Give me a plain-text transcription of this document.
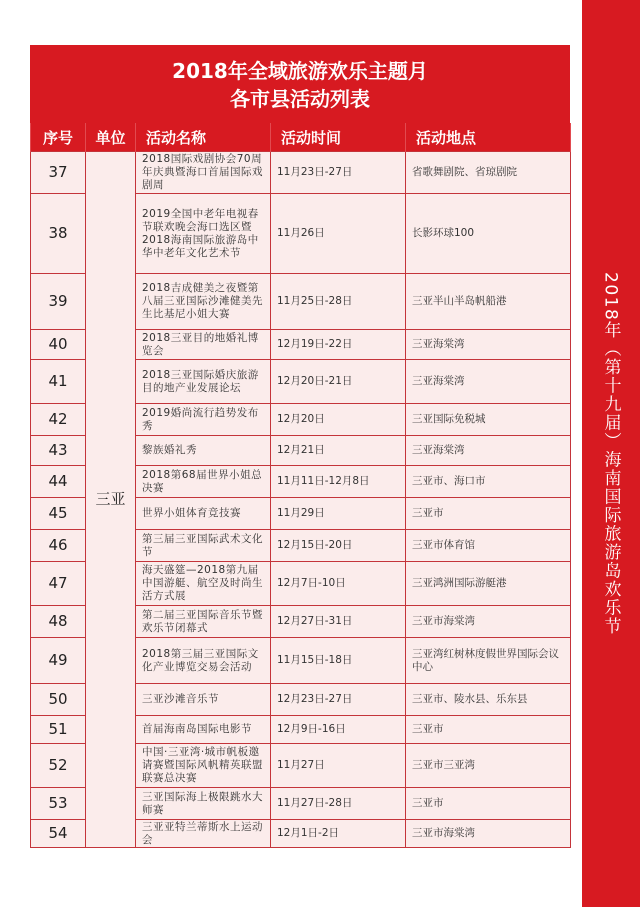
2018年（第十九届）海南国际旅游岛欢乐节
2018年全域旅游欢乐主题月
各市县活动列表
序号	单位	活动名称	活动时间	活动地点
37	三亚	2018国际戏剧协会70周年庆典暨海口首届国际戏剧周	11月23日-27日	省歌舞剧院、省琼剧院
38		2019全国中老年电视春节联欢晚会海口选区暨2018海南国际旅游岛中华中老年文化艺术节	11月26日	长影环球100
39		2018吉成健美之夜暨第八届三亚国际沙滩健美先生比基尼小姐大赛	11月25日-28日	三亚半山半岛帆船港
40		2018三亚目的地婚礼博览会	12月19日-22日	三亚海棠湾
41		2018三亚国际婚庆旅游目的地产业发展论坛	12月20日-21日	三亚海棠湾
42		2019婚尚流行趋势发布秀	12月20日	三亚国际免税城
43		黎族婚礼秀	12月21日	三亚海棠湾
44		2018第68届世界小姐总决赛	11月11日-12月8日	三亚市、海口市
45		世界小姐体育竞技赛	11月29日	三亚市
46		第三届三亚国际武术文化节	12月15日-20日	三亚市体育馆
47		海天盛筵—2018第九届中国游艇、航空及时尚生活方式展	12月7日-10日	三亚鸿洲国际游艇港
48		第二届三亚国际音乐节暨欢乐节闭幕式	12月27日-31日	三亚市海棠湾
49		2018第三届三亚国际文化产业博览交易会活动	11月15日-18日	三亚湾红树林度假世界国际会议中心
50		三亚沙滩音乐节	12月23日-27日	三亚市、陵水县、乐东县
51		首届海南岛国际电影节	12月9日-16日	三亚市
52		中国·三亚湾·城市帆板邀请赛暨国际风帆精英联盟联赛总决赛	11月27日	三亚市三亚湾
53		三亚国际海上极限跳水大师赛	11月27日-28日	三亚市
54		三亚亚特兰蒂斯水上运动会	12月1日-2日	三亚市海棠湾
